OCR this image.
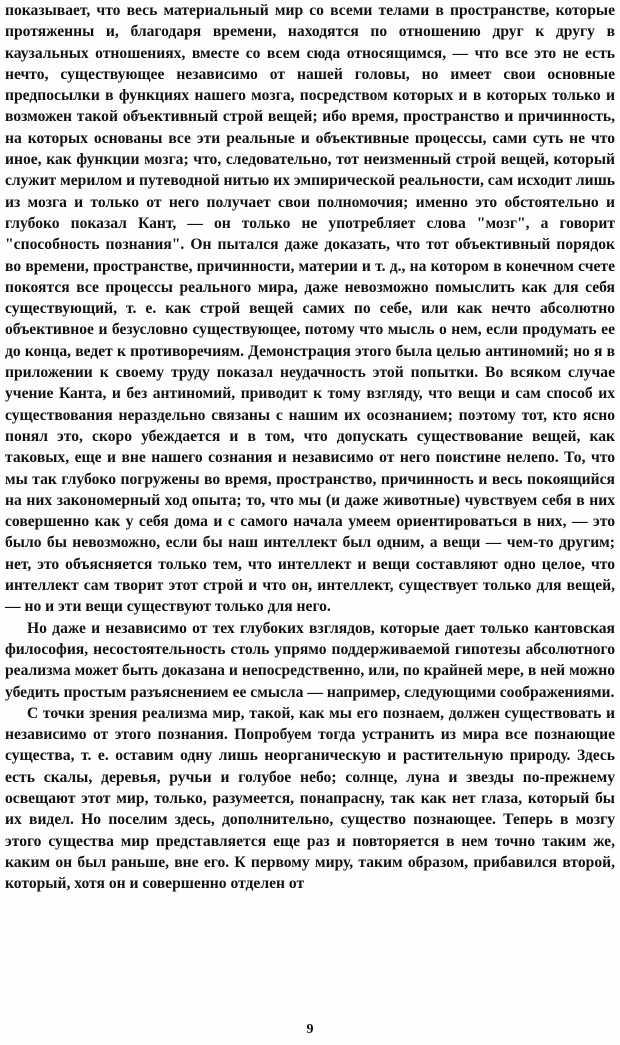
показывает, что весь материальный мир со всеми телами в пространстве, которые протяженны и, благодаря времени, находятся по отношению друг к другу в каузальных отношениях, вместе со всем сюда относящимся, — что все это не есть нечто, существующее независимо от нашей головы, но имеет свои основные предпосылки в функциях нашего мозга, посредством которых и в которых только и возможен такой объективный строй вещей; ибо время, пространство и причинность, на которых основаны все эти реальные и объективные процессы, сами суть не что иное, как функции мозга; что, следовательно, тот неизменный строй вещей, который служит мерилом и путеводной нитью их эмпирической реальности, сам исходит лишь из мозга и только от него получает свои полномочия; именно это обстоятельно и глубоко показал Кант, — он только не употребляет слова "мозг", а говорит "способность познания". Он пытался даже доказать, что тот объективный порядок во времени, пространстве, причинности, материи и т. д., на котором в конечном счете покоятся все процессы реального мира, даже невозможно помыслить как для себя существующий, т. е. как строй вещей самих по себе, или как нечто абсолютно объективное и безусловно существующее, потому что мысль о нем, если продумать ее до конца, ведет к противоречиям. Демонстрация этого была целью антиномий; но я в приложении к своему труду показал неудачность этой попытки. Во всяком случае учение Канта, и без антиномий, приводит к тому взгляду, что вещи и сам способ их существования нераздельно связаны с нашим их осознанием; поэтому тот, кто ясно понял это, скоро убеждается и в том, что допускать существование вещей, как таковых, еще и вне нашего сознания и независимо от него поистине нелепо. То, что мы так глубоко погружены во время, пространство, причинность и весь покоящийся на них закономерный ход опыта; то, что мы (и даже животные) чувствуем себя в них совершенно как у себя дома и с самого начала умеем ориентироваться в них, — это было бы невозможно, если бы наш интеллект был одним, а вещи — чем-то другим; нет, это объясняется только тем, что интеллект и вещи составляют одно целое, что интеллект сам творит этот строй и что он, интеллект, существует только для вещей, — но и эти вещи существуют только для него.

Но даже и независимо от тех глубоких взглядов, которые дает только кантовская философия, несостоятельность столь упрямо поддерживаемой гипотезы абсолютного реализма может быть доказана и непосредственно, или, по крайней мере, в ней можно убедить простым разъяснением ее смысла — например, следующими соображениями.

С точки зрения реализма мир, такой, как мы его познаем, должен существовать и независимо от этого познания. Попробуем тогда устранить из мира все познающие существа, т. е. оставим одну лишь неорганическую и растительную природу. Здесь есть скалы, деревья, ручьи и голубое небо; солнце, луна и звезды по-прежнему освещают этот мир, только, разумеется, понапрасну, так как нет глаза, который бы их видел. Но поселим здесь, дополнительно, существо познающее. Теперь в мозгу этого существа мир представляется еще раз и повторяется в нем точно таким же, каким он был раньше, вне его. К первому миру, таким образом, прибавился второй, который, хотя он и совершенно отделен от

9
